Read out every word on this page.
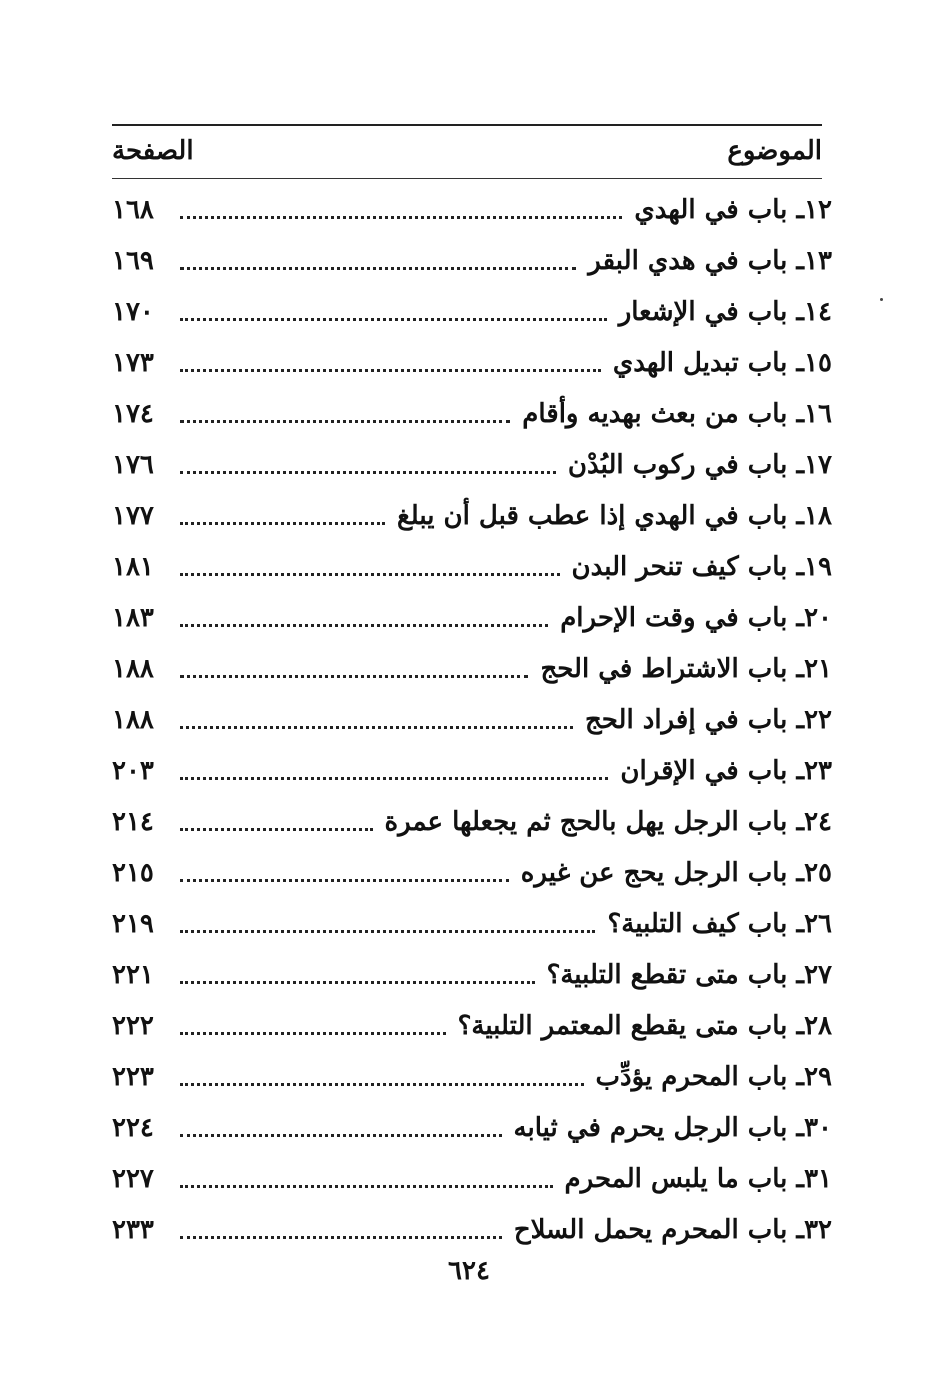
الموضوع
الصفحة
١٢ـ باب في الهدي
١٦٨
١٣ـ باب في هدي البقر
١٦٩
١٤ـ باب في الإشعار
١٧٠
١٥ـ باب تبديل الهدي
١٧٣
١٦ـ باب من بعث بهديه وأقام
١٧٤
١٧ـ باب في ركوب البُدْن
١٧٦
١٨ـ باب في الهدي إذا عطب قبل أن يبلغ
١٧٧
١٩ـ باب كيف تنحر البدن
١٨١
٢٠ـ باب في وقت الإحرام
١٨٣
٢١ـ باب الاشتراط في الحج
١٨٨
٢٢ـ باب في إفراد الحج
١٨٨
٢٣ـ باب في الإقران
٢٠٣
٢٤ـ باب الرجل يهل بالحج ثم يجعلها عمرة
٢١٤
٢٥ـ باب الرجل يحج عن غيره
٢١٥
٢٦ـ باب كيف التلبية؟
٢١٩
٢٧ـ باب متى تقطع التلبية؟
٢٢١
٢٨ـ باب متى يقطع المعتمر التلبية؟
٢٢٢
٢٩ـ باب المحرم يؤدِّب
٢٢٣
٣٠ـ باب الرجل يحرم في ثيابه
٢٢٤
٣١ـ باب ما يلبس المحرم
٢٢٧
٣٢ـ باب المحرم يحمل السلاح
٢٣٣
٦٢٤
